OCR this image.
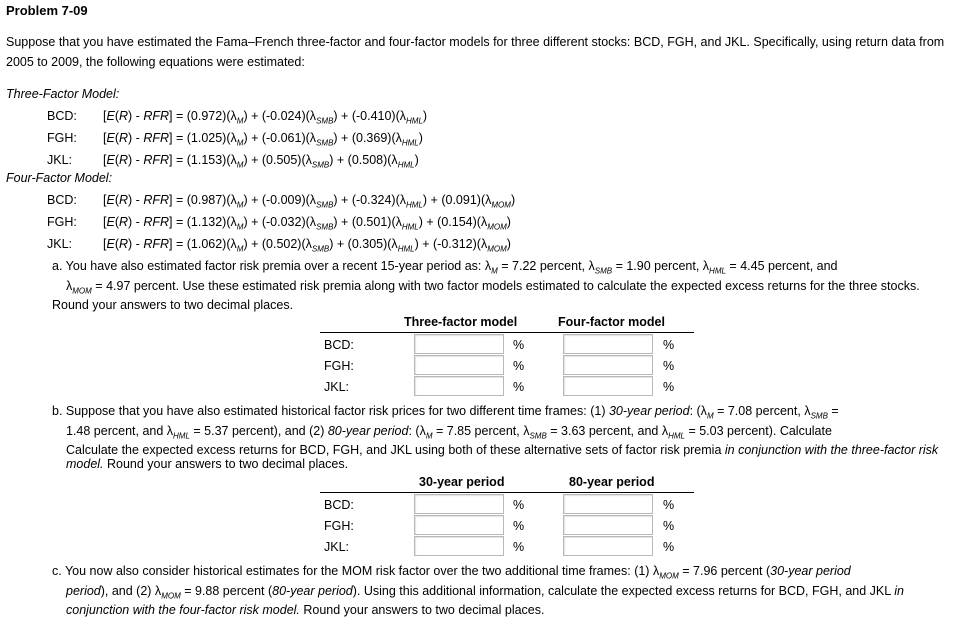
Problem 7-09
Suppose that you have estimated the Fama–French three-factor and four-factor models for three different stocks: BCD, FGH, and JKL. Specifically, using return data from 2005 to 2009, the following equations were estimated:
Three-Factor Model:
BCD: $[E(R) - RFR] = (0.972)(\lambda_M) + (-0.024)(\lambda_{SMB}) + (-0.410)(\lambda_{HML})$
FGH: $[E(R) - RFR] = (1.025)(\lambda_M) + (-0.061)(\lambda_{SMB}) + (0.369)(\lambda_{HML})$
JKL: $[E(R) - RFR] = (1.153)(\lambda_M) + (0.505)(\lambda_{SMB}) + (0.508)(\lambda_{HML})$
Four-Factor Model:
BCD: $[E(R) - RFR] = (0.987)(\lambda_M) + (-0.009)(\lambda_{SMB}) + (-0.324)(\lambda_{HML}) + (0.091)(\lambda_{MOM})$
FGH: $[E(R) - RFR] = (1.132)(\lambda_M) + (-0.032)(\lambda_{SMB}) + (0.501)(\lambda_{HML}) + (0.154)(\lambda_{MOM})$
JKL: $[E(R) - RFR] = (1.062)(\lambda_M) + (0.502)(\lambda_{SMB}) + (0.305)(\lambda_{HML}) + (-0.312)(\lambda_{MOM})$
a. You have also estimated factor risk premia over a recent 15-year period as: $\lambda_M = 7.22$ percent, $\lambda_{SMB} = 1.90$ percent, $\lambda_{HML} = 4.45$ percent, and
$\lambda_{MOM} = 4.97$ percent. Use these estimated risk premia along with two factor models estimated to calculate the expected excess returns for the three stocks. Round your answers to two decimal places.
Three-factor model	Four-factor model
BCD:	%	%
FGH:	%	%
JKL:	%	%
b. Suppose that you have also estimated historical factor risk prices for two different time frames: (1) 30-year period: ($\lambda_M = 7.08$ percent, $\lambda_{SMB}$ =
1.48 percent, and $\lambda_{HML} = 5.37$ percent), and (2) 80-year period: ($\lambda_M = 7.85$ percent, $\lambda_{SMB} = 3.63$ percent, and $\lambda_{HML} = 5.03$ percent). Calculate
Calculate the expected excess returns for BCD, FGH, and JKL using both of these alternative sets of factor risk premia in conjunction with the three-factor risk model. Round your answers to two decimal places.
30-year period	80-year period
BCD:	%	%
FGH:	%	%
JKL:	%	%
c. You now also consider historical estimates for the MOM risk factor over the two additional time frames: (1) $\lambda_{MOM} = 7.96$ percent (30-year period
period), and (2) $\lambda_{MOM} = 9.88$ percent (80-year period). Using this additional information, calculate the expected excess returns for BCD, FGH, and JKL in conjunction with the four-factor risk model. Round your answers to two decimal places.
